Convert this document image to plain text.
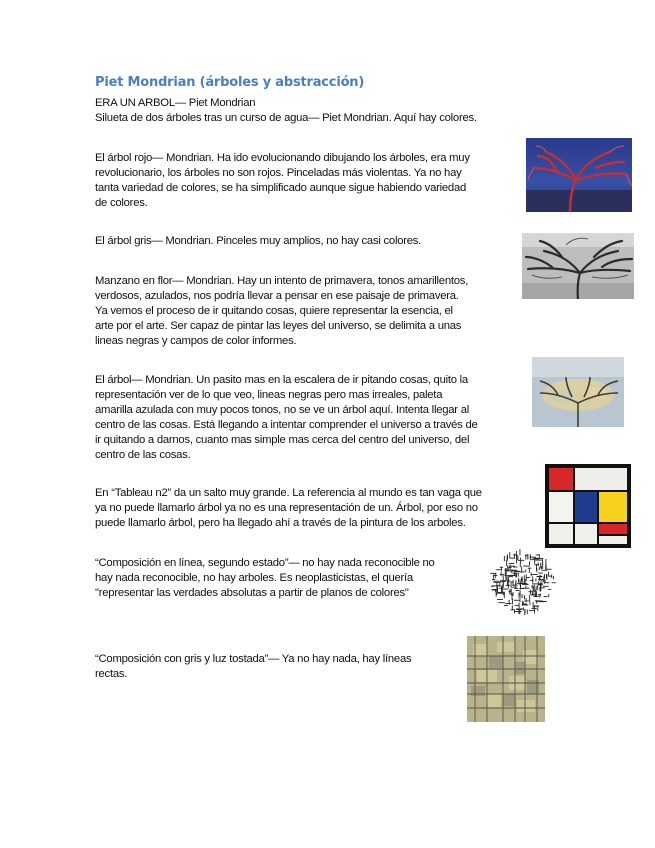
Piet Mondrian (árboles y abstracción)
ERA UN ARBOL— Piet Mondrian
Silueta de dos árboles tras un curso de agua— Piet Mondrian. Aquí hay colores.
El árbol rojo— Mondrian. Ha ido evolucionando dibujando los árboles, era muy
revolucionario, los árboles no son rojos. Pinceladas más violentas. Ya no hay
tanta variedad de colores, se ha simplificado aunque sigue habiendo variedad
de colores.
El árbol gris— Mondrian. Pinceles muy amplios, no hay casi colores.
Manzano en flor— Mondrian. Hay un intento de primavera, tonos amarillentos,
verdosos, azulados, nos podría llevar a pensar en ese paisaje de primavera.
Ya vemos el proceso de ir quitando cosas, quiere representar la esencia, el
arte por el arte. Ser capaz de pintar las leyes del universo, se delimita a unas
lineas negras y campos de color informes.
El árbol— Mondrian. Un pasito mas en la escalera de ir pitando cosas, quito la
representación ver de lo que veo, lineas negras pero mas irreales, paleta
amarilla azulada con muy pocos tonos, no se ve un árbol aquí. Intenta llegar al
centro de las cosas. Está llegando a intentar comprender el universo a través de
ir quitando a darnos, cuanto mas simple mas cerca del centro del universo, del
centro de las cosas.
En “Tableau n2” da un salto muy grande. La referencia al mundo es tan vaga que
ya no puede llamarlo árbol ya no es una representación de un. Árbol, por eso no
puede llamarlo árbol, pero ha llegado ahí a través de la pintura de los arboles.
“Composición en línea, segundo estado”— no hay nada reconocible no
hay nada reconocible, no hay arboles. Es neoplasticistas, el quería
"representar las verdades absolutas a partir de planos de colores"
“Composición con gris y luz tostada”— Ya no hay nada, hay líneas
rectas.
